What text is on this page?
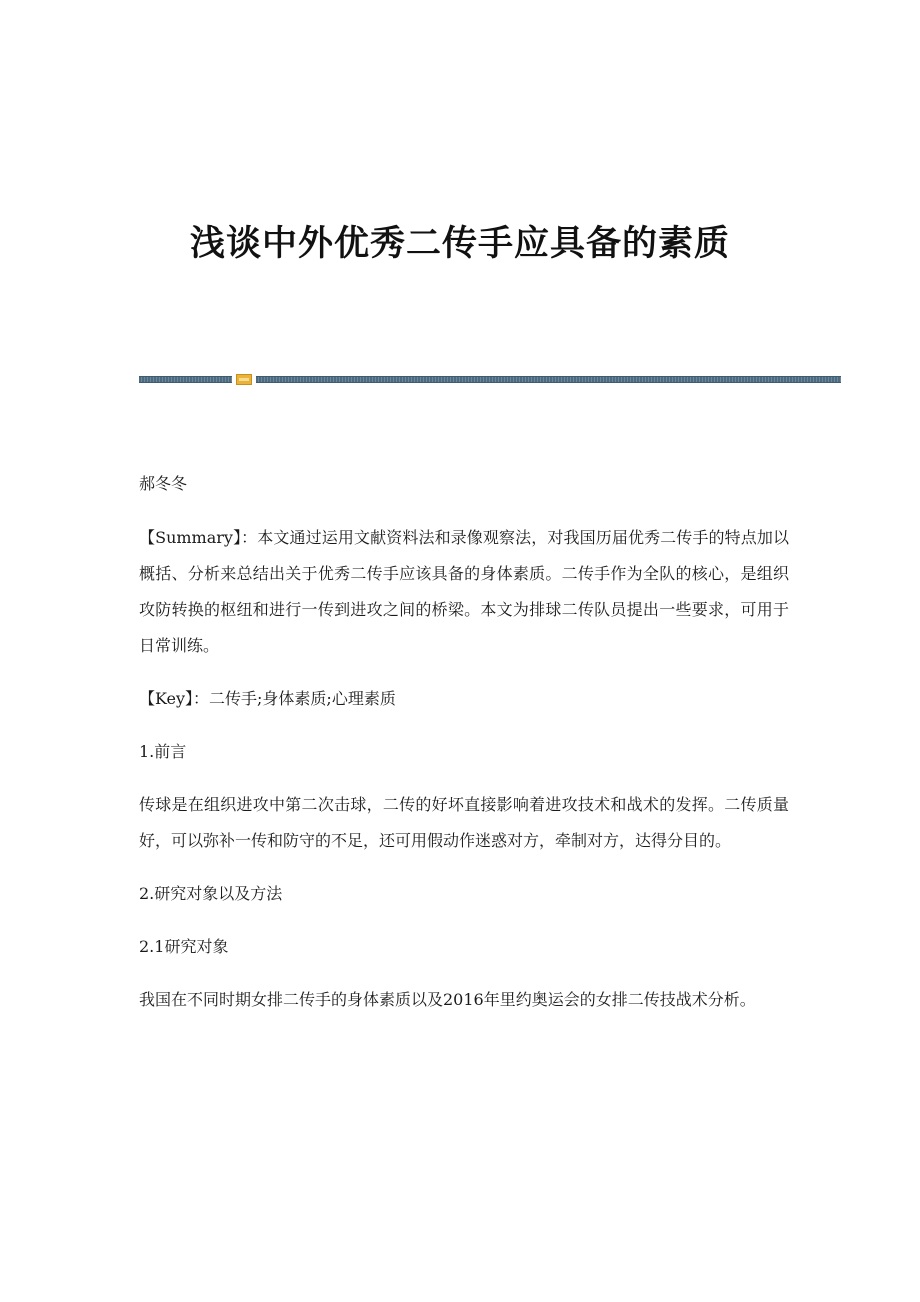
浅谈中外优秀二传手应具备的素质

郝冬冬

【Summary】：本文通过运用文献资料法和录像观察法，对我国历届优秀二传手的特点加以概括、分析来总结出关于优秀二传手应该具备的身体素质。二传手作为全队的核心，是组织攻防转换的枢纽和进行一传到进攻之间的桥梁。本文为排球二传队员提出一些要求，可用于日常训练。

【Key】：二传手;身体素质;心理素质

1.前言

传球是在组织进攻中第二次击球，二传的好坏直接影响着进攻技术和战术的发挥。二传质量好，可以弥补一传和防守的不足，还可用假动作迷惑对方，牵制对方，达得分目的。

2.研究对象以及方法

2.1研究对象

我国在不同时期女排二传手的身体素质以及2016年里约奥运会的女排二传技战术分析。
